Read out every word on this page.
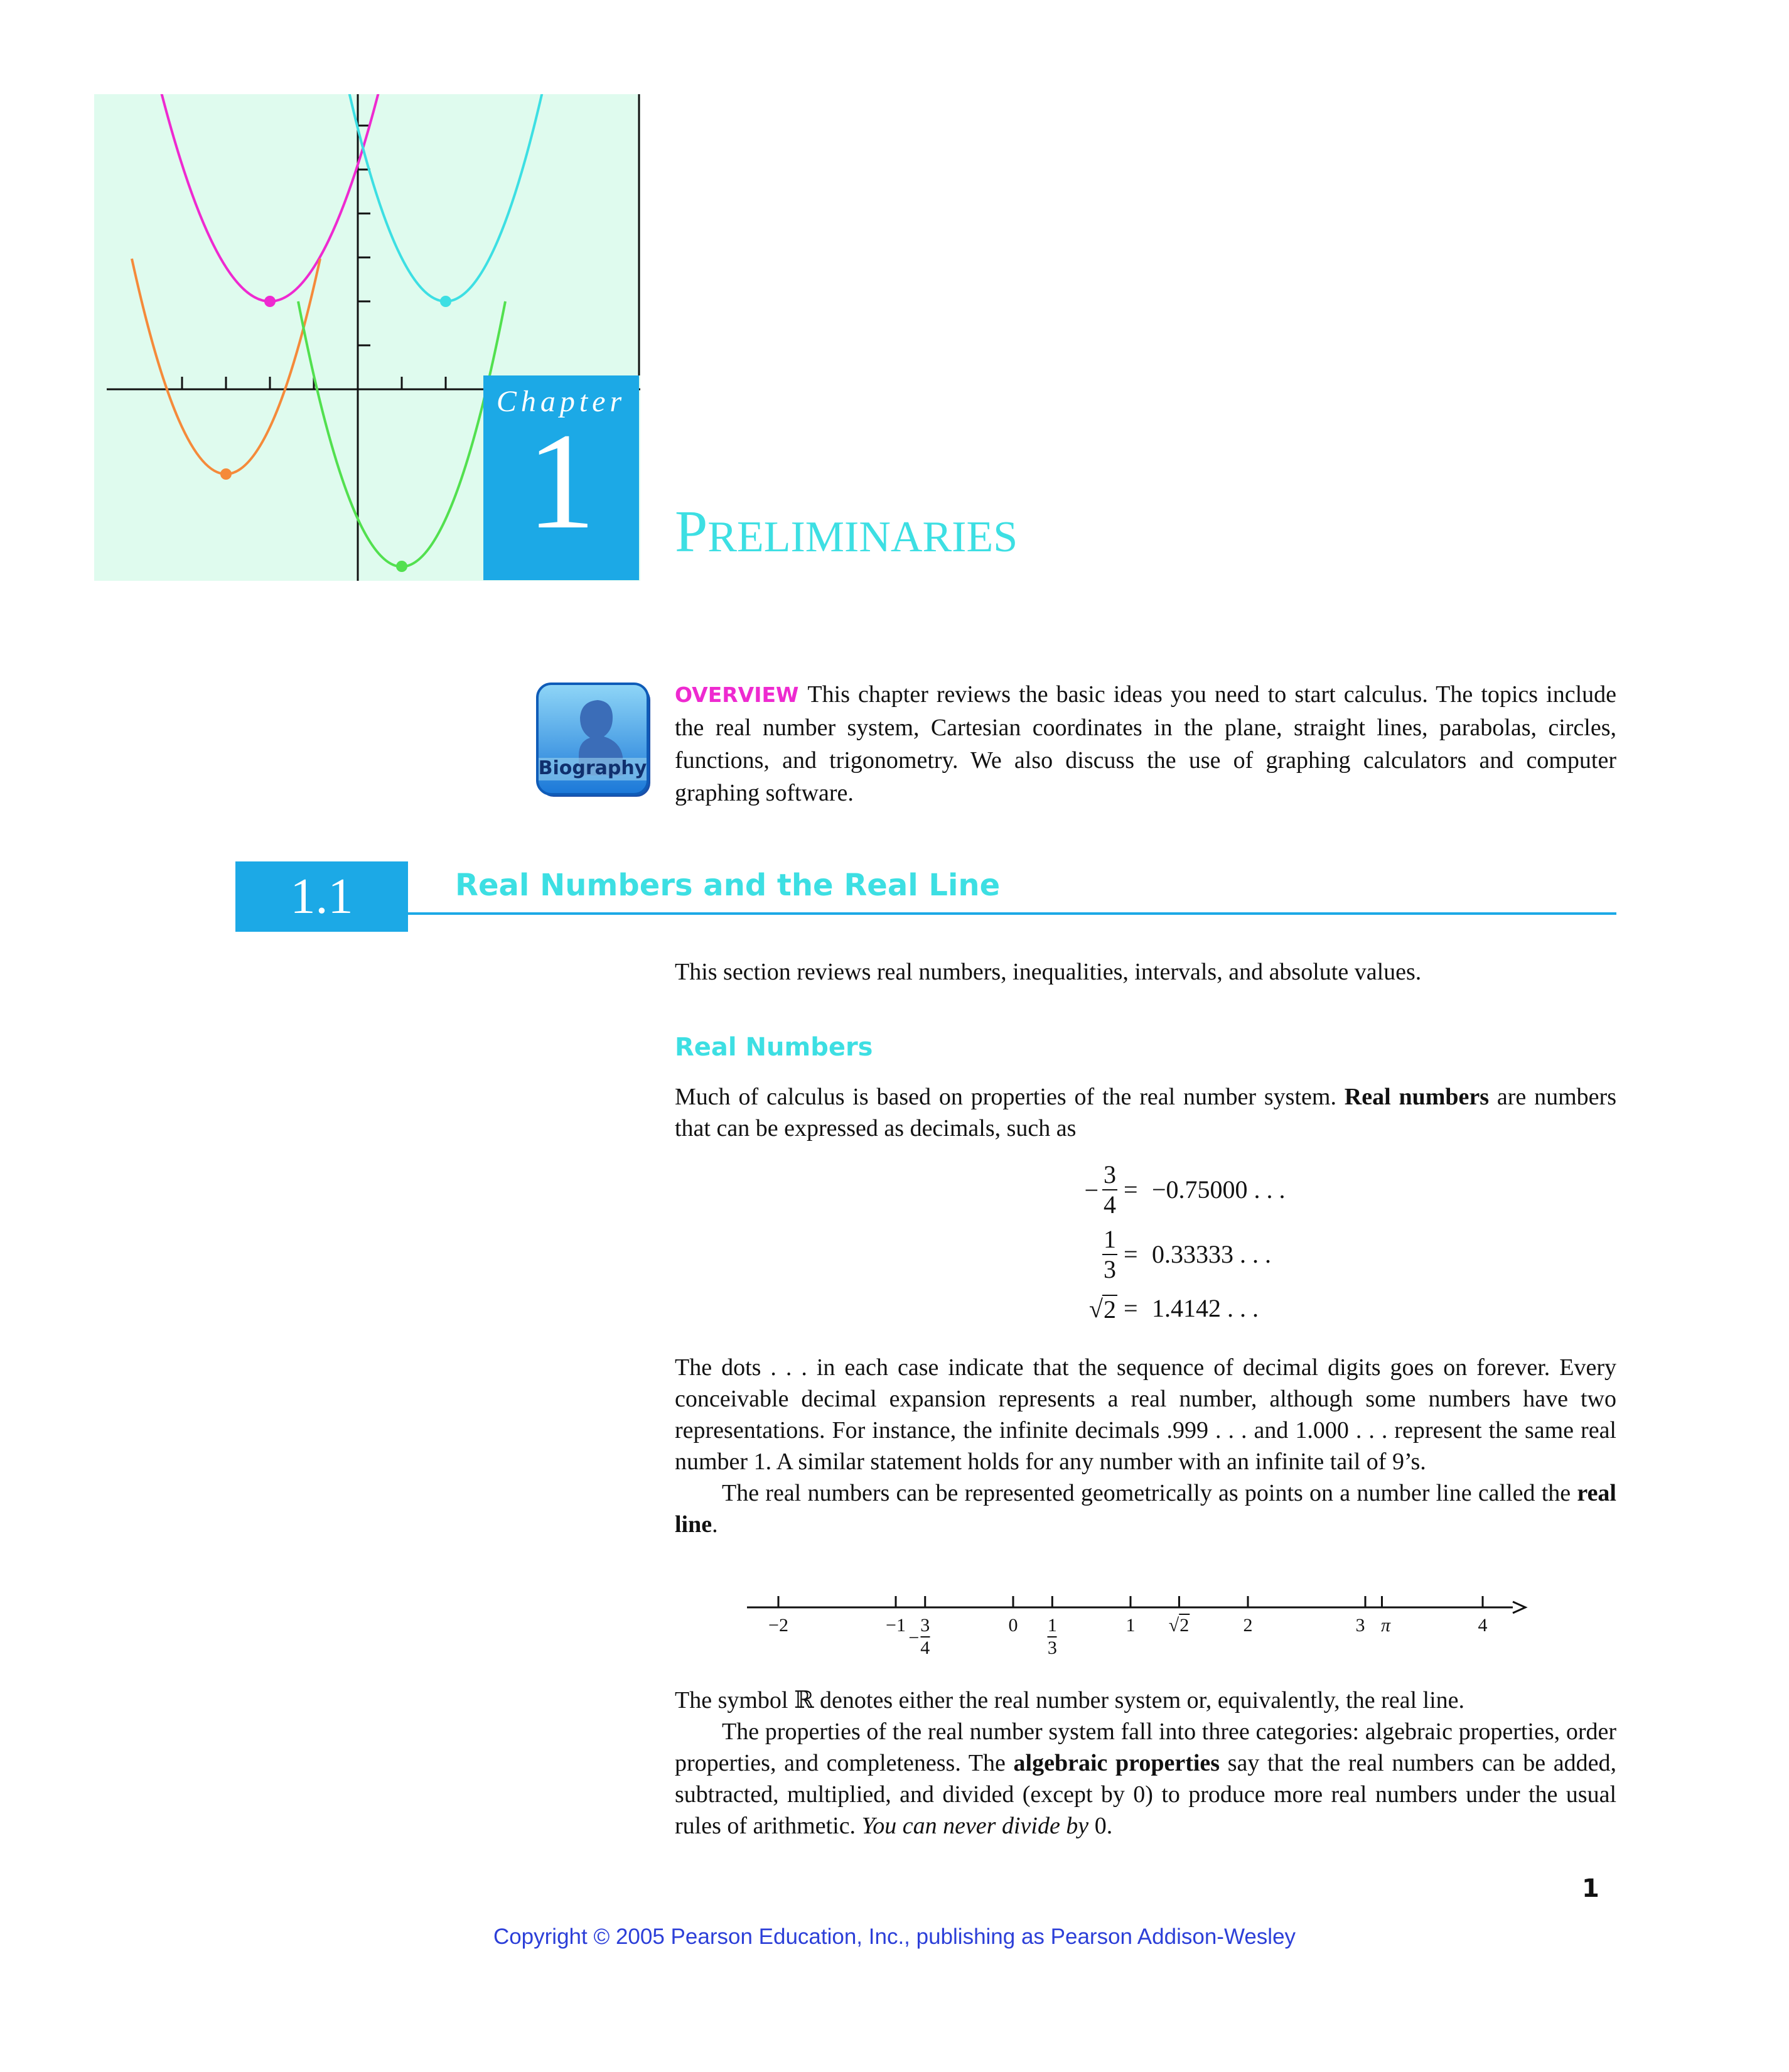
Chapter
1	PRELIMINARIES
Biography
OVERVIEW This chapter reviews the basic ideas you need to start calculus. The topics include the real number system, Cartesian coordinates in the plane, straight lines, parabolas, circles, functions, and trigonometry. We also discuss the use of graphing calculators and computer graphing software.
1.1	Real Numbers and the Real Line
This section reviews real numbers, inequalities, intervals, and absolute values.
Real Numbers
Much of calculus is based on properties of the real number system. Real numbers are numbers that can be expressed as decimals, such as
− $\frac{3}{4} = -0.75000$ . . .
$\frac{1}{3} = 0.33333$ . . .
√ 2 = 1.4142 . . .
The dots . . . in each case indicate that the sequence of decimal digits goes on forever. Every conceivable decimal expansion represents a real number, although some numbers have two representations. For instance, the infinite decimals .999 . . . and 1.000 . . . represent the same real number 1. A similar statement holds for any number with an infinite tail of 9’s.
The real numbers can be represented geometrically as points on a number line called the real line.
−2	−1	0	1	2	3	4
−
3
4	$\frac{1}{3}$	√2	π
The symbol ℝ denotes either the real number system or, equivalently, the real line.
The properties of the real number system fall into three categories: algebraic properties, order properties, and completeness. The algebraic properties say that the real numbers can be added, subtracted, multiplied, and divided (except by 0) to produce more real numbers under the usual rules of arithmetic. You can never divide by 0.
1
Copyright © 2005 Pearson Education, Inc., publishing as Pearson Addison-Wesley
